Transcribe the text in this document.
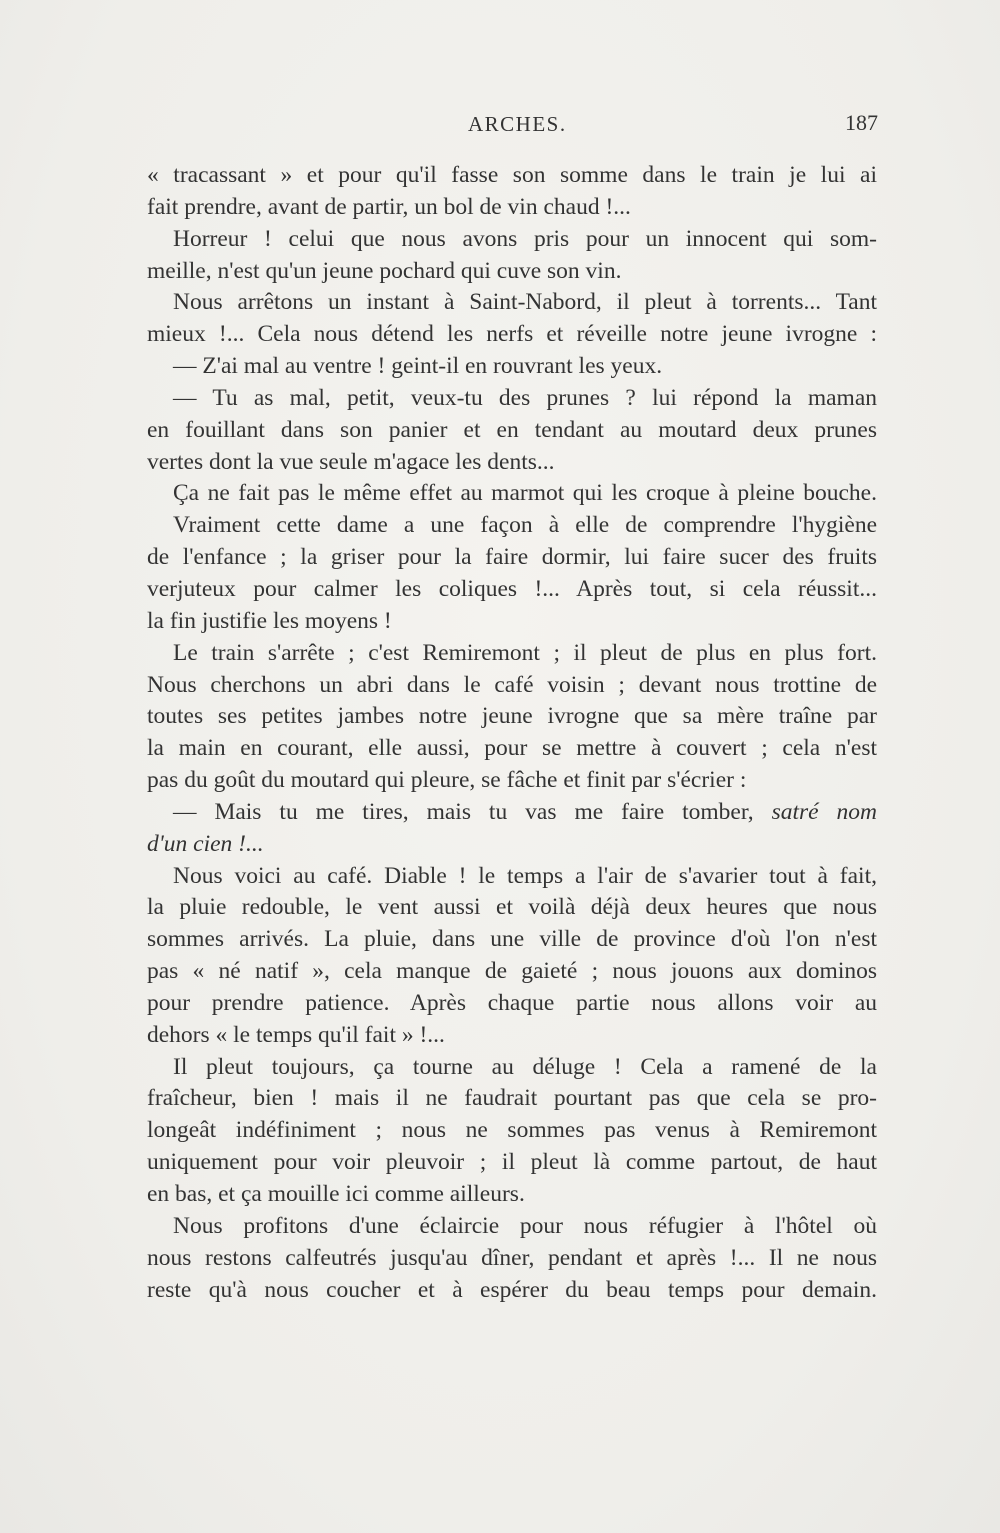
ARCHES.	187
« tracassant » et pour qu'il fasse son somme dans le train je lui ai
fait prendre, avant de partir, un bol de vin chaud !...
Horreur ! celui que nous avons pris pour un innocent qui som-
meille, n'est qu'un jeune pochard qui cuve son vin.
Nous arrêtons un instant à Saint-Nabord, il pleut à torrents... Tant
mieux !... Cela nous détend les nerfs et réveille notre jeune ivrogne :
— Z'ai mal au ventre ! geint-il en rouvrant les yeux.
— Tu as mal, petit, veux-tu des prunes ? lui répond la maman
en fouillant dans son panier et en tendant au moutard deux prunes
vertes dont la vue seule m'agace les dents...
Ça ne fait pas le même effet au marmot qui les croque à pleine bouche.
Vraiment cette dame a une façon à elle de comprendre l'hygiène
de l'enfance ; la griser pour la faire dormir, lui faire sucer des fruits
verjuteux pour calmer les coliques !... Après tout, si cela réussit...
la fin justifie les moyens !
Le train s'arrête ; c'est Remiremont ; il pleut de plus en plus fort.
Nous cherchons un abri dans le café voisin ; devant nous trottine de
toutes ses petites jambes notre jeune ivrogne que sa mère traîne par
la main en courant, elle aussi, pour se mettre à couvert ; cela n'est
pas du goût du moutard qui pleure, se fâche et finit par s'écrier :
— Mais tu me tires, mais tu vas me faire tomber, satré nom
d'un cien !...
Nous voici au café. Diable ! le temps a l'air de s'avarier tout à fait,
la pluie redouble, le vent aussi et voilà déjà deux heures que nous
sommes arrivés. La pluie, dans une ville de province d'où l'on n'est
pas « né natif », cela manque de gaieté ; nous jouons aux dominos
pour prendre patience. Après chaque partie nous allons voir au
dehors « le temps qu'il fait » !...
Il pleut toujours, ça tourne au déluge ! Cela a ramené de la
fraîcheur, bien ! mais il ne faudrait pourtant pas que cela se pro-
longeât indéfiniment ; nous ne sommes pas venus à Remiremont
uniquement pour voir pleuvoir ; il pleut là comme partout, de haut
en bas, et ça mouille ici comme ailleurs.
Nous profitons d'une éclaircie pour nous réfugier à l'hôtel où
nous restons calfeutrés jusqu'au dîner, pendant et après !... Il ne nous
reste qu'à nous coucher et à espérer du beau temps pour demain.
